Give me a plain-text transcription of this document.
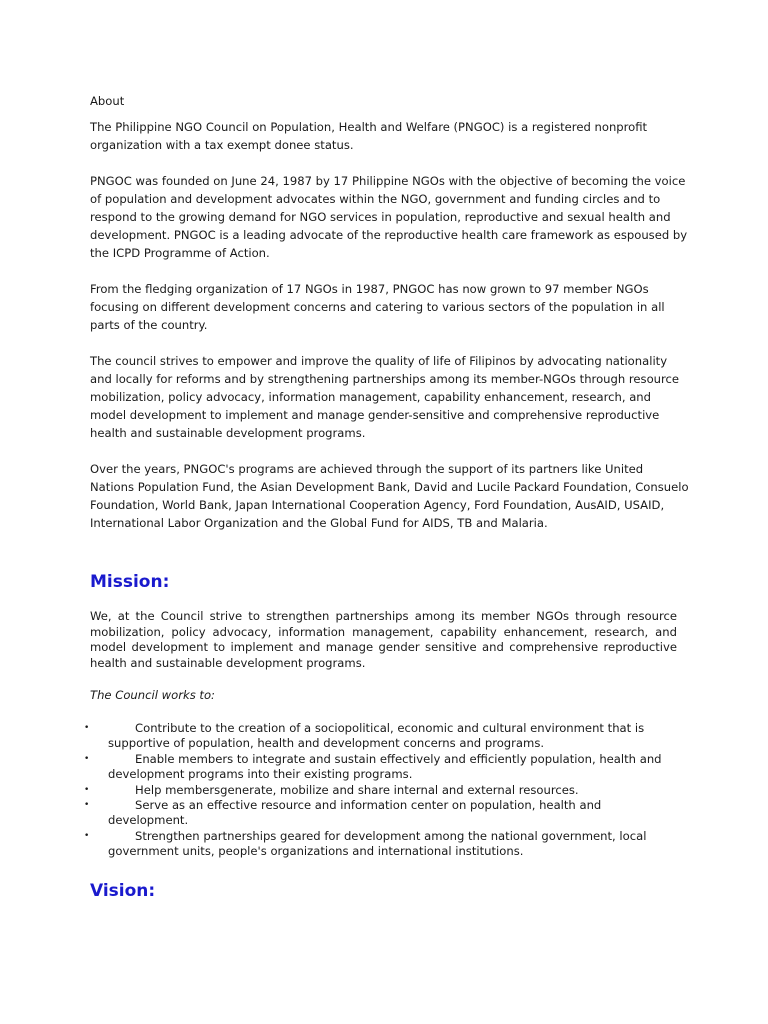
About

The Philippine NGO Council on Population, Health and Welfare (PNGOC) is a registered nonprofit organization with a tax exempt donee status.

PNGOC was founded on June 24, 1987 by 17 Philippine NGOs with the objective of becoming the voice of population and development advocates within the NGO, government and funding circles and to respond to the growing demand for NGO services in population, reproductive and sexual health and development. PNGOC is a leading advocate of the reproductive health care framework as espoused by the ICPD Programme of Action.

From the fledging organization of 17 NGOs in 1987, PNGOC has now grown to 97 member NGOs focusing on different development concerns and catering to various sectors of the population in all parts of the country.

The council strives to empower and improve the quality of life of Filipinos by advocating nationality and locally for reforms and by strengthening partnerships among its member-NGOs through resource mobilization, policy advocacy, information management, capability enhancement, research, and model development to implement and manage gender-sensitive and comprehensive reproductive health and sustainable development programs.

Over the years, PNGOC's programs are achieved through the support of its partners like United Nations Population Fund, the Asian Development Bank, David and Lucile Packard Foundation, Consuelo Foundation, World Bank, Japan International Cooperation Agency, Ford Foundation, AusAID, USAID, International Labor Organization and the Global Fund for AIDS, TB and Malaria.

Mission:

We, at the Council strive to strengthen partnerships among its member NGOs through resource mobilization, policy advocacy, information management, capability enhancement, research, and model development to implement and manage gender sensitive and comprehensive reproductive health and sustainable development programs.

The Council works to:

•	Contribute to the creation of a sociopolitical, economic and cultural environment that is supportive of population, health and development concerns and programs.
•	Enable members to integrate and sustain effectively and efficiently population, health and development programs into their existing programs.
•	Help membersgenerate, mobilize and share internal and external resources.
•	Serve as an effective resource and information center on population, health and development.
•	Strengthen partnerships geared for development among the national government, local government units, people's organizations and international institutions.
Vision:
